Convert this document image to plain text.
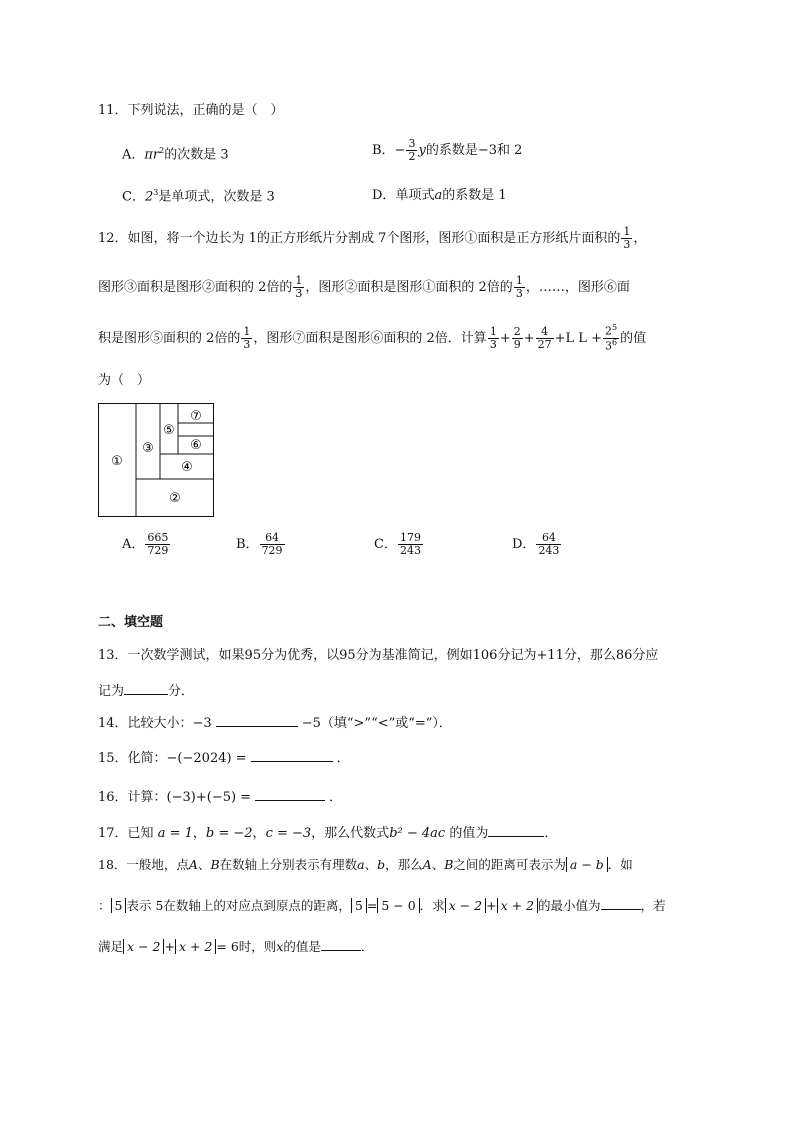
11．下列说法，正确的是（　）
A．$\pi r^2$的次数是 3	B．− $\frac{3}{2}$ y的系数是−3和 2
C．$2^3$是单项式，次数是 3	D．单项式a的系数是 1
12．如图，将一个边长为 1的正方形纸片分割成 7个图形，图形①面积是正方形纸片面积的 $\frac{1}{3}$ ，
图形③面积是图形②面积的 2倍的 $\frac{1}{3}$ ，图形②面积是图形①面积的 2倍的 $\frac{1}{3}$ ，……，图形⑥面
积是图形⑤面积的 2倍的 $\frac{1}{3}$ ，图形⑦面积是图形⑥面积的 2倍．计算 $\frac{1}{3} + \frac{2}{9} + \frac{4}{27} +L$ $L + \frac{2^5}{3^6}$ 的值
为（　）
①
②
③
④
⑤
⑥
⑦
A． $\frac{665}{729}$	B． $\frac{64}{729}$	C． $\frac{179}{243}$	D． $\frac{64}{243}$
二、填空题
13．一次数学测试，如果95分为优秀，以95分为基准简记，例如106分记为+11分，那么86分应
记为	分．
14．比较大小：−3	−5（填“>”“<”或“=”）．
15．化简：−(−2024) =	．
16．计算：(−3)+(−5) =	．
17．已知 a = 1，b = −2，c = −3，那么代数式b² − 4ac 的值为	．
18．一般地，点A、B在数轴上分别表示有理数a、b，那么A、B之间的距离可表示为 a − b ．如
： 5 表示 5在数轴上的对应点到原点的距离， 5 = 5 − 0 ．求 x − 2 + x + 2 的最小值为	，若
满足 x − 2 + x + 2 = 6时，则x的值是	．
